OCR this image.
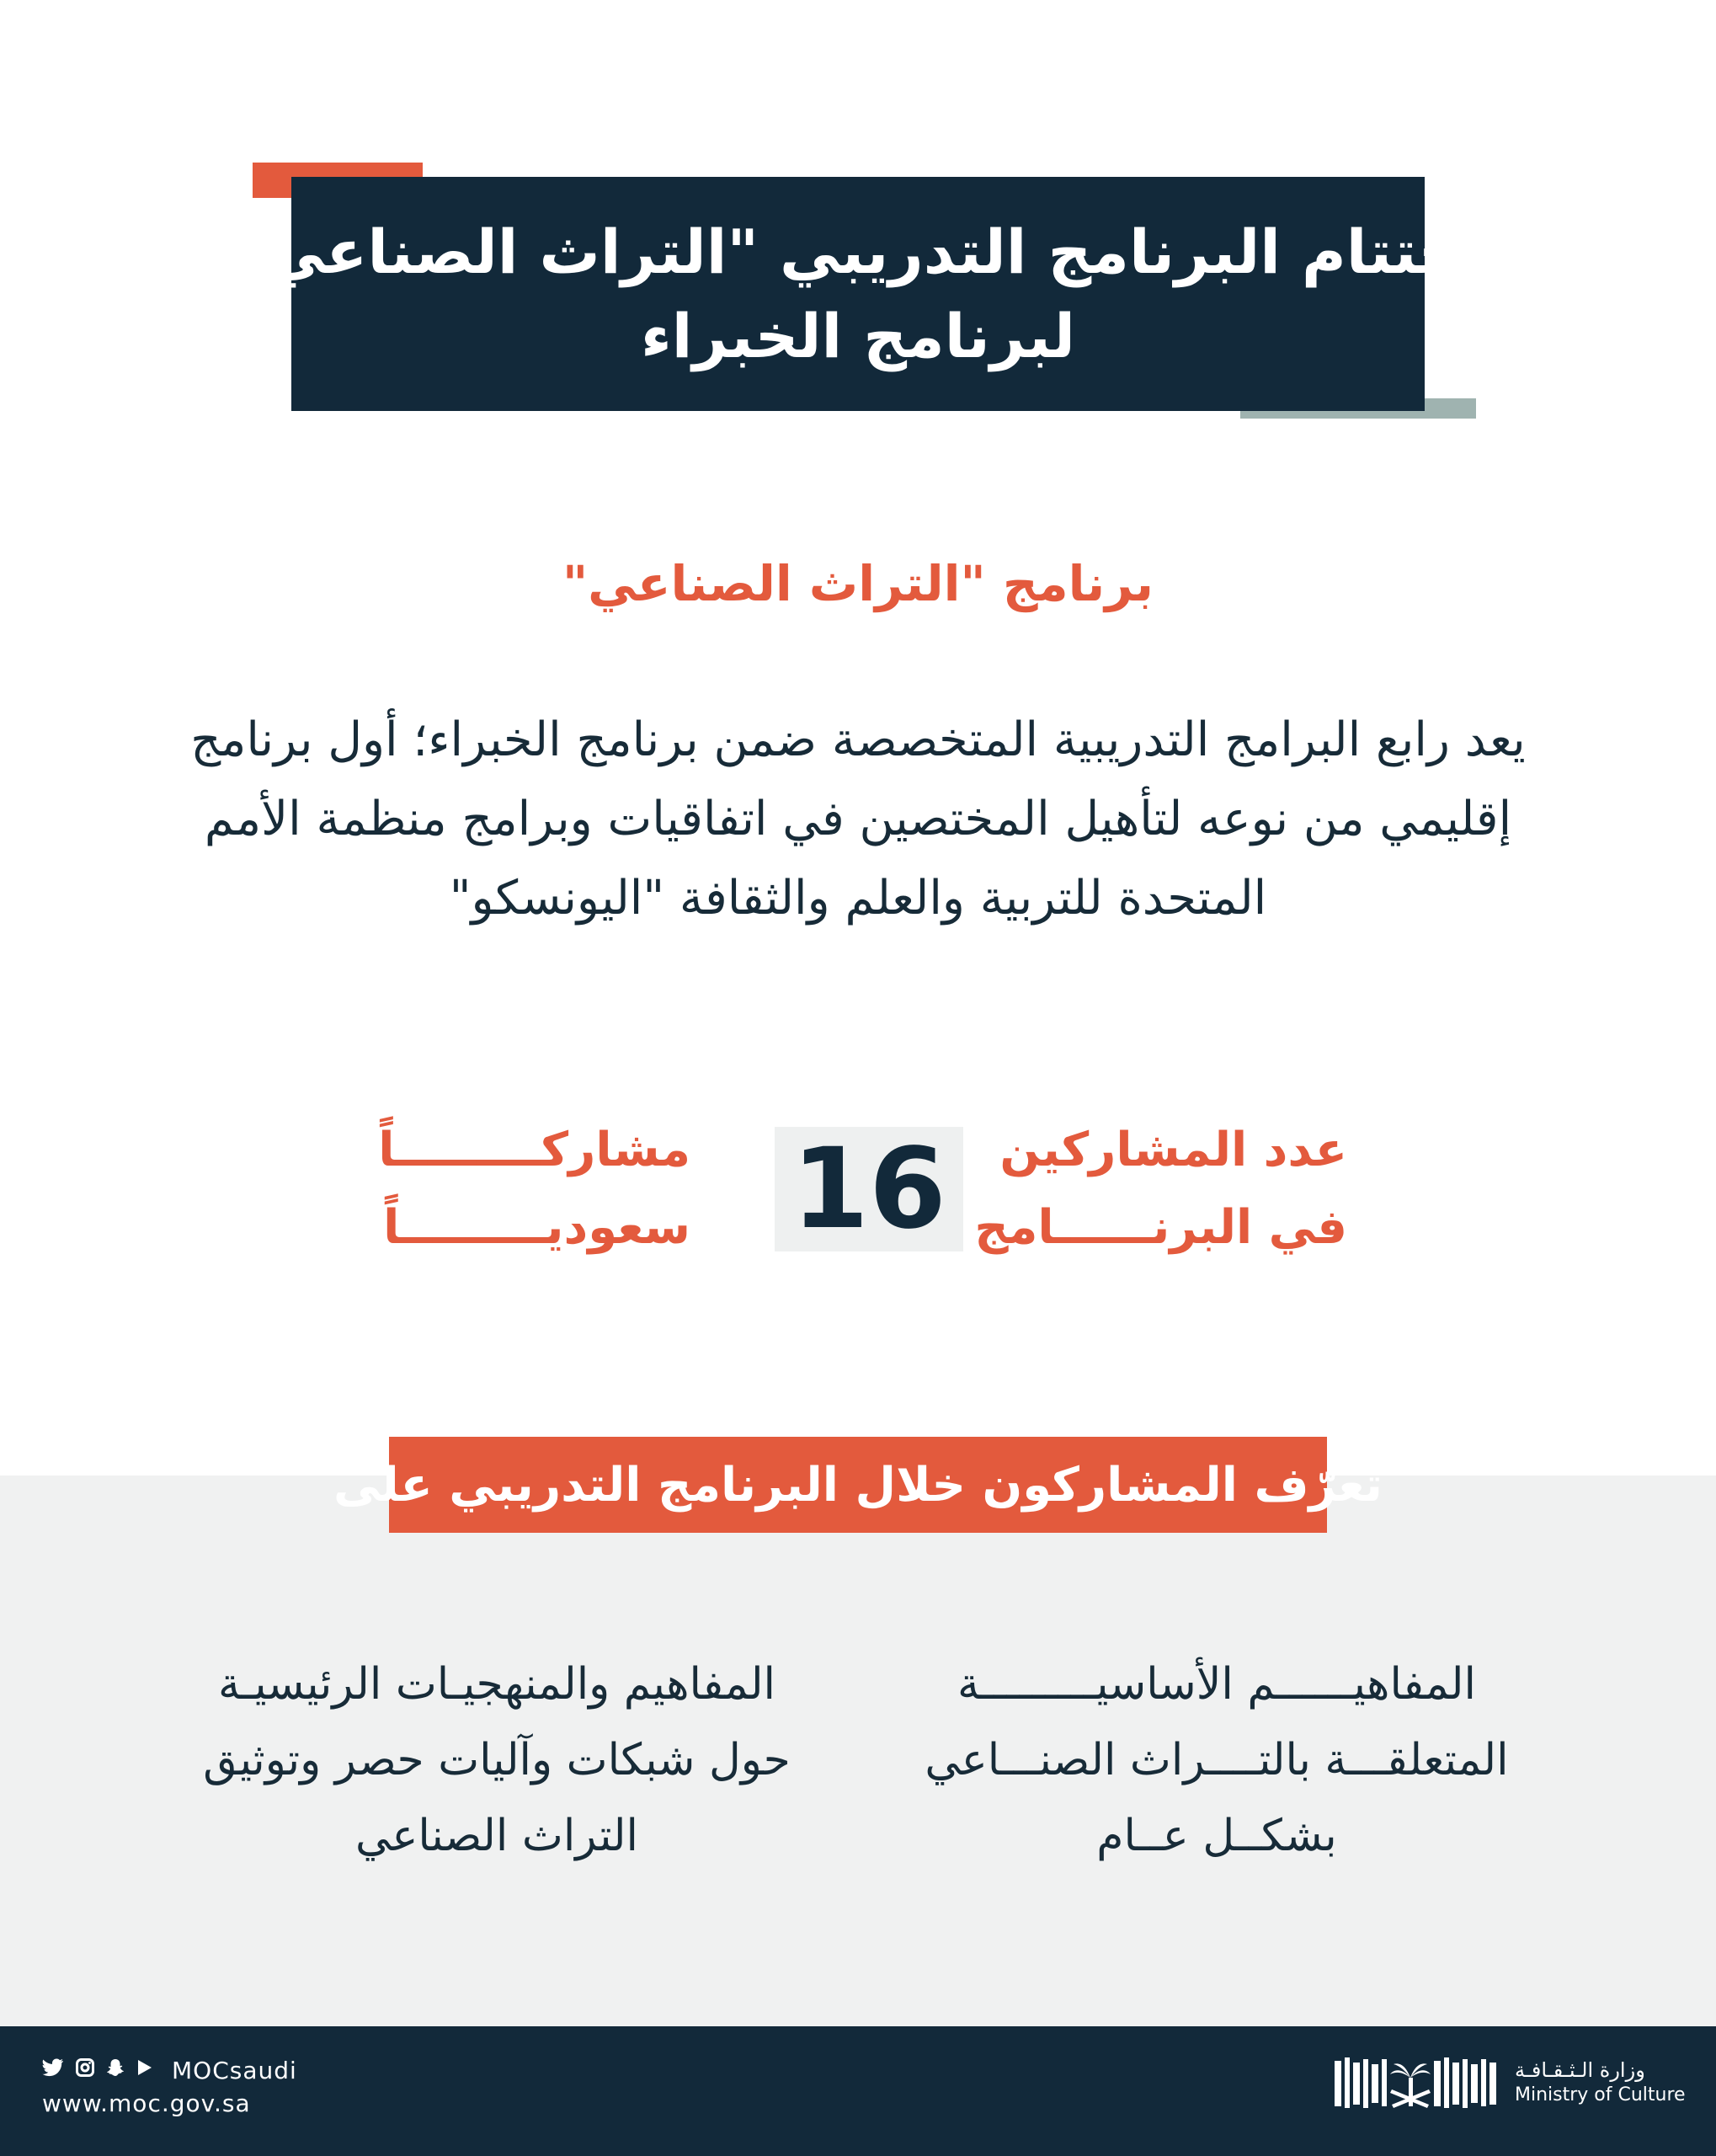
اختتام البرنامج التدريبي "التراث الصناعي"
لبرنامج الخبراء
برنامج "التراث الصناعي"
يعد رابع البرامج التدريبية المتخصصة ضمن برنامج الخبراء؛ أول برنامج
إقليمي من نوعه لتأهيل المختصين في اتفاقيات وبرامج منظمة الأمم
المتحدة للتربية والعلم والثقافة "اليونسكو"
عدد المشاركين
في البرنــــــامج
16
مشاركـــــــــاً
سعوديـــــــــاً
تعرّف المشاركون خلال البرنامج التدريبي على
المفاهيــــــم الأساسيـــــــــة
المتعلقـــة بالتــــراث الصنـــاعي
بشكــل عــام
المفاهيم والمنهجيـات الرئيسيـة
حول شبكات وآليات حصر وتوثيق
التراث الصناعي
MOCsaudi
www.moc.gov.sa
وزارة الـثـقـافـة
Ministry of Culture
